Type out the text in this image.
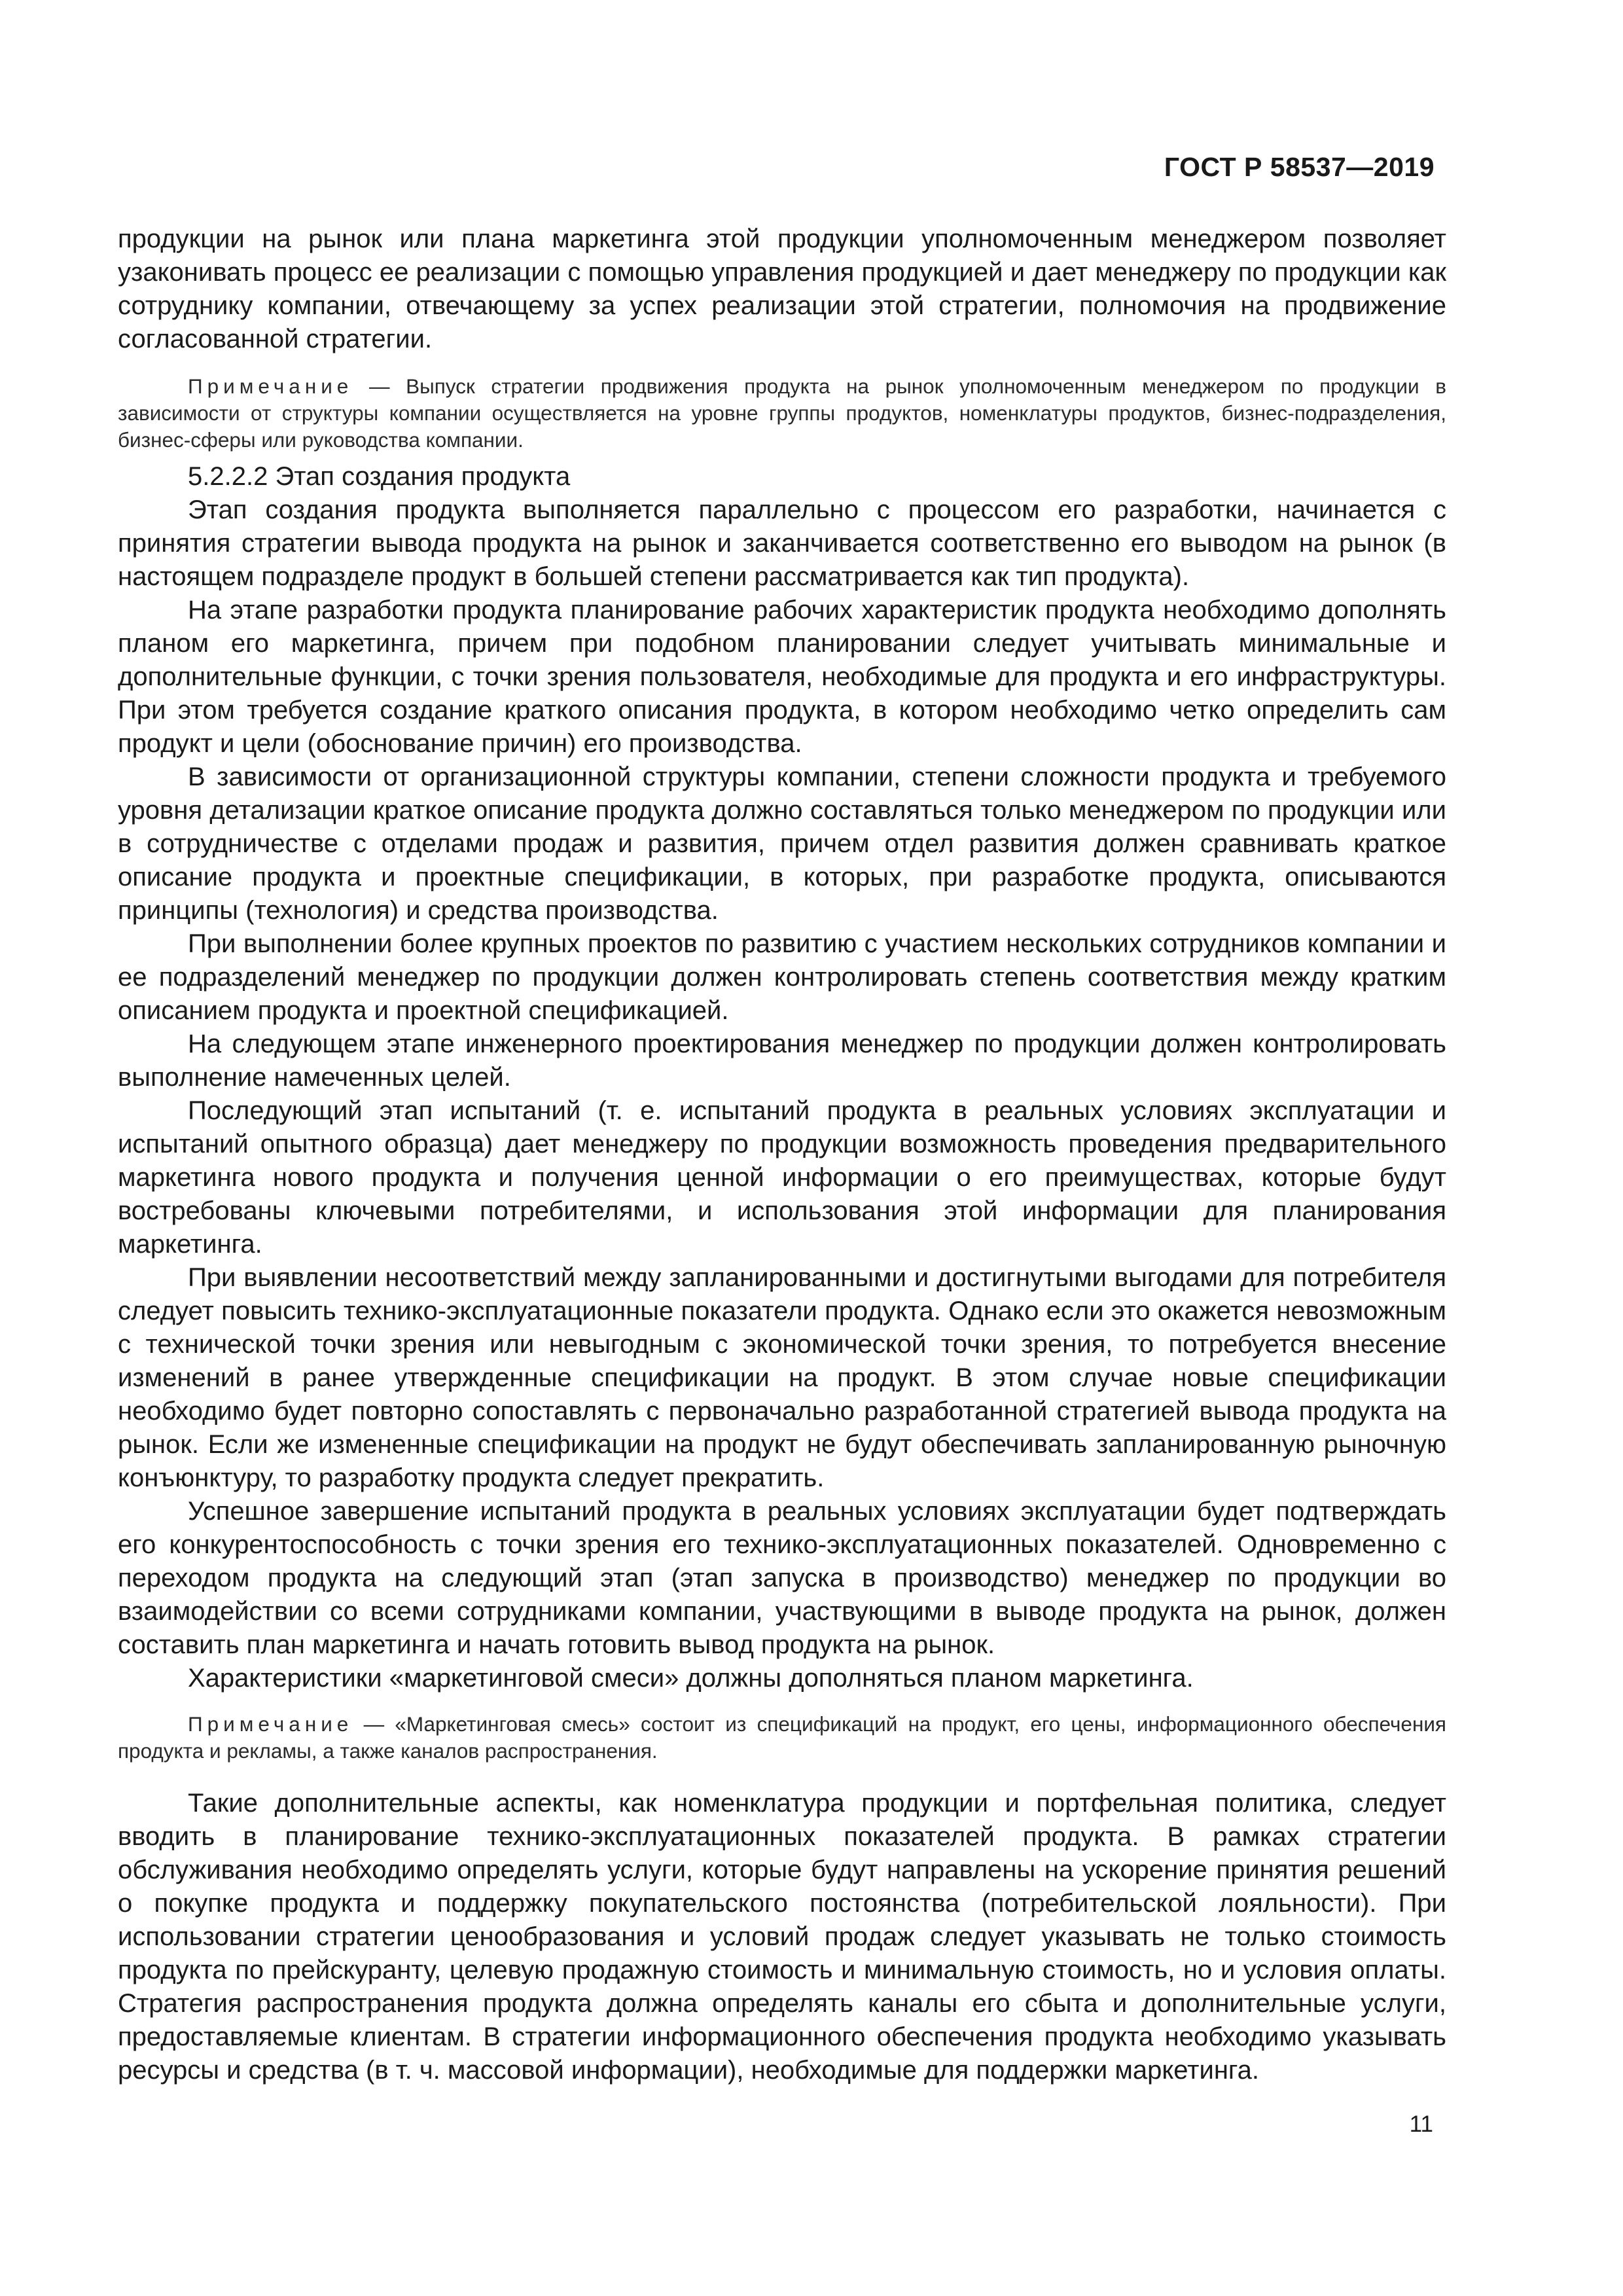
ГОСТ Р 58537—2019

продукции на рынок или плана маркетинга этой продукции уполномоченным менеджером позволяет узаконивать процесс ее реализации с помощью управления продукцией и дает менеджеру по продукции как сотруднику компании, отвечающему за успех реализации этой стратегии, полномочия на продвижение согласованной стратегии.

Примечание — Выпуск стратегии продвижения продукта на рынок уполномоченным менеджером по продукции в зависимости от структуры компании осуществляется на уровне группы продуктов, номенклатуры продуктов, бизнес-подразделения, бизнес-сферы или руководства компании.

5.2.2.2 Этап создания продукта

Этап создания продукта выполняется параллельно с процессом его разработки, начинается с принятия стратегии вывода продукта на рынок и заканчивается соответственно его выводом на рынок (в настоящем подразделе продукт в большей степени рассматривается как тип продукта).

На этапе разработки продукта планирование рабочих характеристик продукта необходимо дополнять планом его маркетинга, причем при подобном планировании следует учитывать минимальные и дополнительные функции, с точки зрения пользователя, необходимые для продукта и его инфраструктуры. При этом требуется создание краткого описания продукта, в котором необходимо четко определить сам продукт и цели (обоснование причин) его производства.

В зависимости от организационной структуры компании, степени сложности продукта и требуемого уровня детализации краткое описание продукта должно составляться только менеджером по продукции или в сотрудничестве с отделами продаж и развития, причем отдел развития должен сравнивать краткое описание продукта и проектные спецификации, в которых, при разработке продукта, описываются принципы (технология) и средства производства.

При выполнении более крупных проектов по развитию с участием нескольких сотрудников компании и ее подразделений менеджер по продукции должен контролировать степень соответствия между кратким описанием продукта и проектной спецификацией.

На следующем этапе инженерного проектирования менеджер по продукции должен контролировать выполнение намеченных целей.

Последующий этап испытаний (т. е. испытаний продукта в реальных условиях эксплуатации и испытаний опытного образца) дает менеджеру по продукции возможность проведения предварительного маркетинга нового продукта и получения ценной информации о его преимуществах, которые будут востребованы ключевыми потребителями, и использования этой информации для планирования маркетинга.

При выявлении несоответствий между запланированными и достигнутыми выгодами для потребителя следует повысить технико-эксплуатационные показатели продукта. Однако если это окажется невозможным с технической точки зрения или невыгодным с экономической точки зрения, то потребуется внесение изменений в ранее утвержденные спецификации на продукт. В этом случае новые спецификации необходимо будет повторно сопоставлять с первоначально разработанной стратегией вывода продукта на рынок. Если же измененные спецификации на продукт не будут обеспечивать запланированную рыночную конъюнктуру, то разработку продукта следует прекратить.

Успешное завершение испытаний продукта в реальных условиях эксплуатации будет подтверждать его конкурентоспособность с точки зрения его технико-эксплуатационных показателей. Одновременно с переходом продукта на следующий этап (этап запуска в производство) менеджер по продукции во взаимодействии со всеми сотрудниками компании, участвующими в выводе продукта на рынок, должен составить план маркетинга и начать готовить вывод продукта на рынок.

Характеристики «маркетинговой смеси» должны дополняться планом маркетинга.

Примечание — «Маркетинговая смесь» состоит из спецификаций на продукт, его цены, информационного обеспечения продукта и рекламы, а также каналов распространения.

Такие дополнительные аспекты, как номенклатура продукции и портфельная политика, следует вводить в планирование технико-эксплуатационных показателей продукта. В рамках стратегии обслуживания необходимо определять услуги, которые будут направлены на ускорение принятия решений о покупке продукта и поддержку покупательского постоянства (потребительской лояльности). При использовании стратегии ценообразования и условий продаж следует указывать не только стоимость продукта по прейскуранту, целевую продажную стоимость и минимальную стоимость, но и условия оплаты. Стратегия распространения продукта должна определять каналы его сбыта и дополнительные услуги, предоставляемые клиентам. В стратегии информационного обеспечения продукта необходимо указывать ресурсы и средства (в т. ч. массовой информации), необходимые для поддержки маркетинга.

11
